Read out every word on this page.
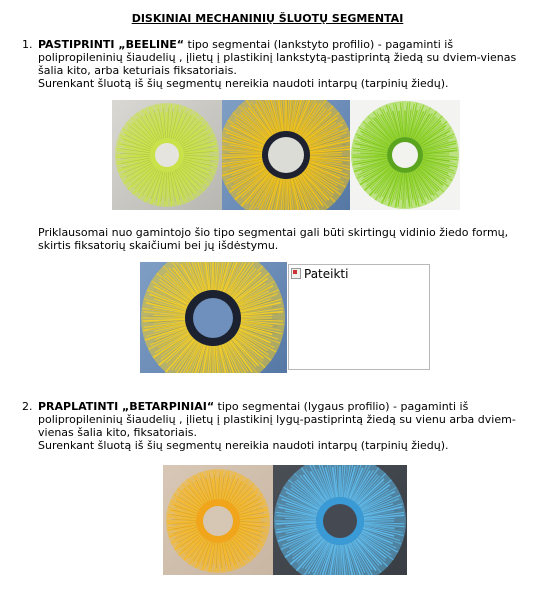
DISKINIAI MECHANINIŲ ŠLUOTŲ SEGMENTAI
1. PASTIPRINTI „BEELINE“ tipo segmentai (lankstyto profilio) - pagaminti iš
polipropileninių šiaudelių , įlietų į plastikinį lankstytą-pastiprintą žiedą su dviem-vienas
šalia kito, arba keturiais fiksatoriais.
Surenkant šluotą iš šių segmentų nereikia naudoti intarpų (tarpinių žiedų).
Priklausomai nuo gamintojo šio tipo segmentai gali būti skirtingų vidinio žiedo formų,
skirtis fiksatorių skaičiumi bei jų išdėstymu.
Pateikti
2. PRAPLATINTI „BETARPINIAI“ tipo segmentai (lygaus profilio) - pagaminti iš
polipropileninių šiaudelių , įlietų į plastikinį lygų-pastiprintą žiedą su vienu arba dviem-
vienas šalia kito, fiksatoriais.
Surenkant šluotą iš šių segmentų nereikia naudoti intarpų (tarpinių žiedų).
